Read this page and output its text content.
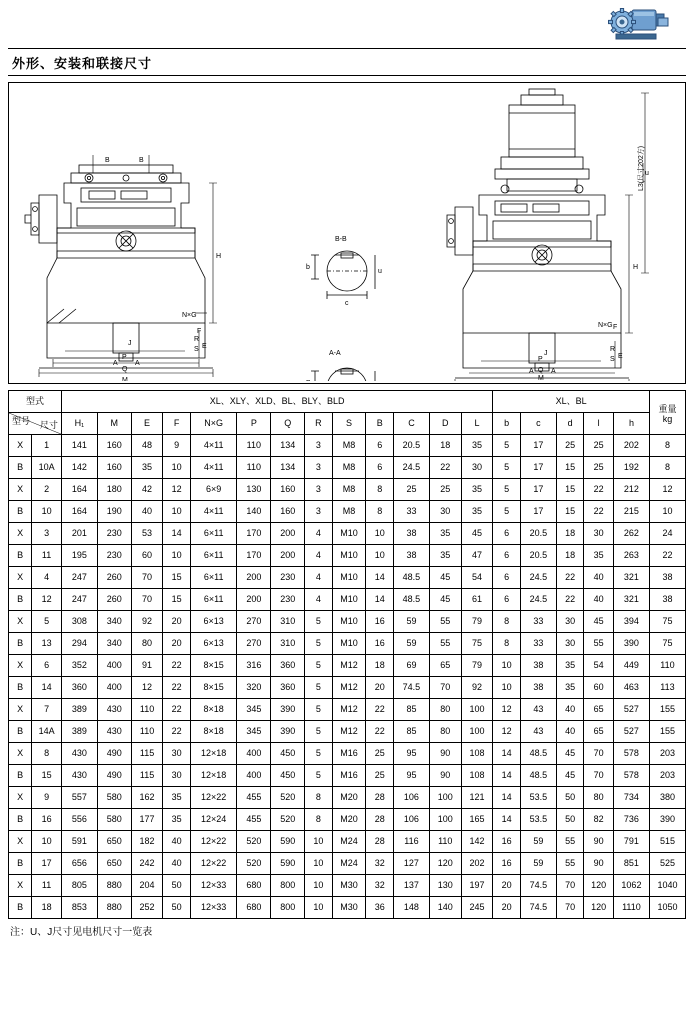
外形、安装和联接尺寸
H
E
F
M
Q
P
N×G
B	B
A A
J
R
S
B-B
b
c
u
A-A
L3(尺寸202方)
H
E
F
M
Q
P
N×G
A A
J
R
S
u
型式		XL、XLY、XLD、BL、BLY、BLD													XL、BL					重量
kg

尺寸
型号		H₁	M	E	F	N×G	P	Q	R	S	B	C	D	L	b	c	d	l	h	
X	1	141	160	48	9	4×11	110	134	3	M8	6	20.5	18	35	5	17	25	25	202	8
B	10A	142	160	35	10	4×11	110	134	3	M8	6	24.5	22	30	5	17	15	25	192	8
X	2	164	180	42	12	6×9	130	160	3	M8	8	25	25	35	5	17	15	22	212	12
B	10	164	190	40	10	4×11	140	160	3	M8	8	33	30	35	5	17	15	22	215	10
X	3	201	230	53	14	6×11	170	200	4	M10	10	38	35	45	6	20.5	18	30	262	24
B	11	195	230	60	10	6×11	170	200	4	M10	10	38	35	47	6	20.5	18	35	263	22
X	4	247	260	70	15	6×11	200	230	4	M10	14	48.5	45	54	6	24.5	22	40	321	38
B	12	247	260	70	15	6×11	200	230	4	M10	14	48.5	45	61	6	24.5	22	40	321	38
X	5	308	340	92	20	6×13	270	310	5	M10	16	59	55	79	8	33	30	45	394	75
B	13	294	340	80	20	6×13	270	310	5	M10	16	59	55	75	8	33	30	55	390	75
X	6	352	400	91	22	8×15	316	360	5	M12	18	69	65	79	10	38	35	54	449	110
B	14	360	400	12	22	8×15	320	360	5	M12	20	74.5	70	92	10	38	35	60	463	113
X	7	389	430	110	22	8×18	345	390	5	M12	22	85	80	100	12	43	40	65	527	155
B	14A	389	430	110	22	8×18	345	390	5	M12	22	85	80	100	12	43	40	65	527	155
X	8	430	490	115	30	12×18	400	450	5	M16	25	95	90	108	14	48.5	45	70	578	203
B	15	430	490	115	30	12×18	400	450	5	M16	25	95	90	108	14	48.5	45	70	578	203
X	9	557	580	162	35	12×22	455	520	8	M20	28	106	100	121	14	53.5	50	80	734	380
B	16	556	580	177	35	12×24	455	520	8	M20	28	106	100	165	14	53.5	50	82	736	390
X	10	591	650	182	40	12×22	520	590	10	M24	28	116	110	142	16	59	55	90	791	515
B	17	656	650	242	40	12×22	520	590	10	M24	32	127	120	202	16	59	55	90	851	525
X	11	805	880	204	50	12×33	680	800	10	M30	32	137	130	197	20	74.5	70	120	1062	1040
B	18	853	880	252	50	12×33	680	800	10	M30	36	148	140	245	20	74.5	70	120	1110	1050
注：U、J尺寸见电机尺寸一览表
